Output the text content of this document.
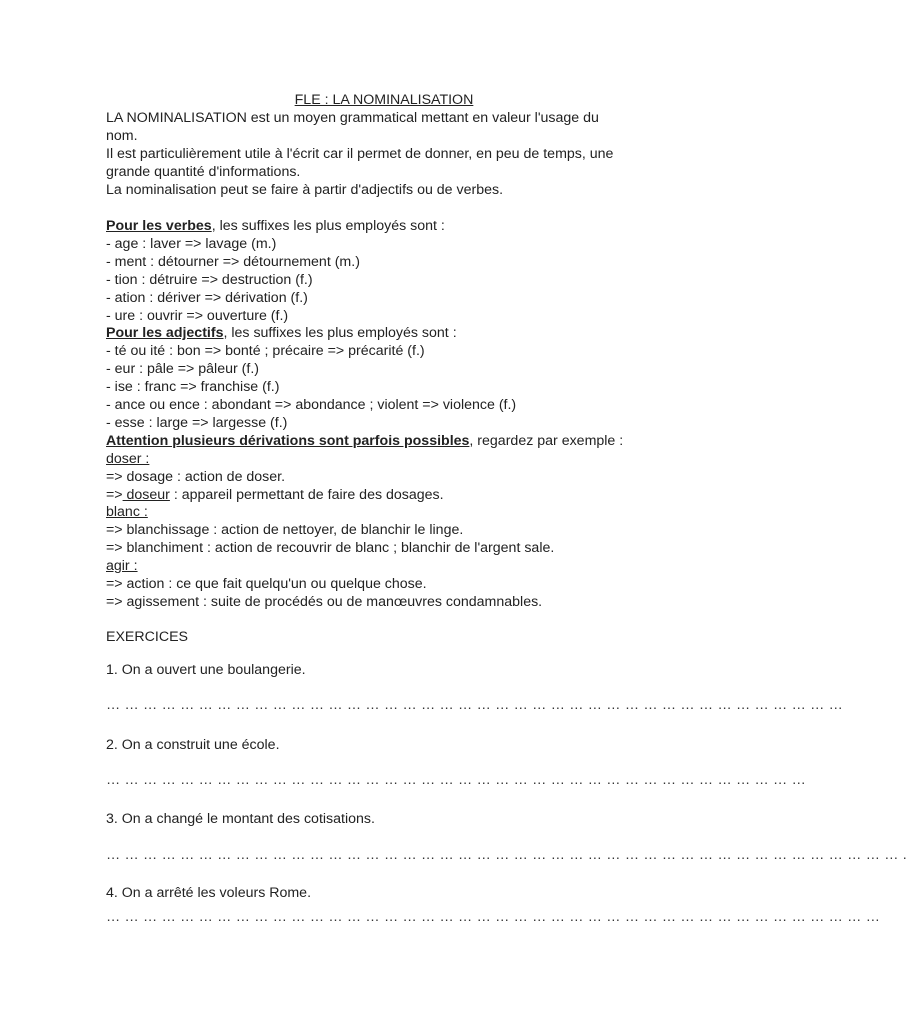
FLE : LA NOMINALISATION
LA NOMINALISATION est un moyen grammatical mettant en valeur l'usage du
nom.
Il est particulièrement utile à l'écrit car il permet de donner, en peu de temps, une
grande quantité d'informations.
La nominalisation peut se faire à partir d'adjectifs ou de verbes.
Pour les verbes, les suffixes les plus employés sont :
- age : laver => lavage (m.)
- ment : détourner => détournement (m.)
- tion : détruire => destruction (f.)
- ation : dériver => dérivation (f.)
- ure : ouvrir => ouverture (f.)
Pour les adjectifs, les suffixes les plus employés sont :
- té ou ité : bon => bonté ; précaire => précarité (f.)
- eur : pâle => pâleur (f.)
- ise : franc => franchise (f.)
- ance ou ence : abondant => abondance ; violent => violence (f.)
- esse : large => largesse (f.)
Attention plusieurs dérivations sont parfois possibles, regardez par exemple :
doser :
=> dosage : action de doser.
=> doseur : appareil permettant de faire des dosages.
blanc :
=> blanchissage : action de nettoyer, de blanchir le linge.
=> blanchiment : action de recouvrir de blanc ; blanchir de l'argent sale.
agir :
=> action : ce que fait quelqu'un ou quelque chose.
=> agissement : suite de procédés ou de manœuvres condamnables.
EXERCICES
1. On a ouvert une boulangerie.
… … … … … … … … … … … … … … … … … … … … … … … … … … … … … … … … … … … … … … … …
2. On a construit une école.
… … … … … … … … … … … … … … … … … … … … … … … … … … … … … … … … … … … … … …
3. On a changé le montant des cotisations.
… … … … … … … … … … … … … … … … … … … … … … … … … … … … … … … … … … … … … … … … … … … .
4. On a arrêté les voleurs Rome.
… … … … … … … … … … … … … … … … … … … … … … … … … … … … … … … … … … … … … … … … … …
